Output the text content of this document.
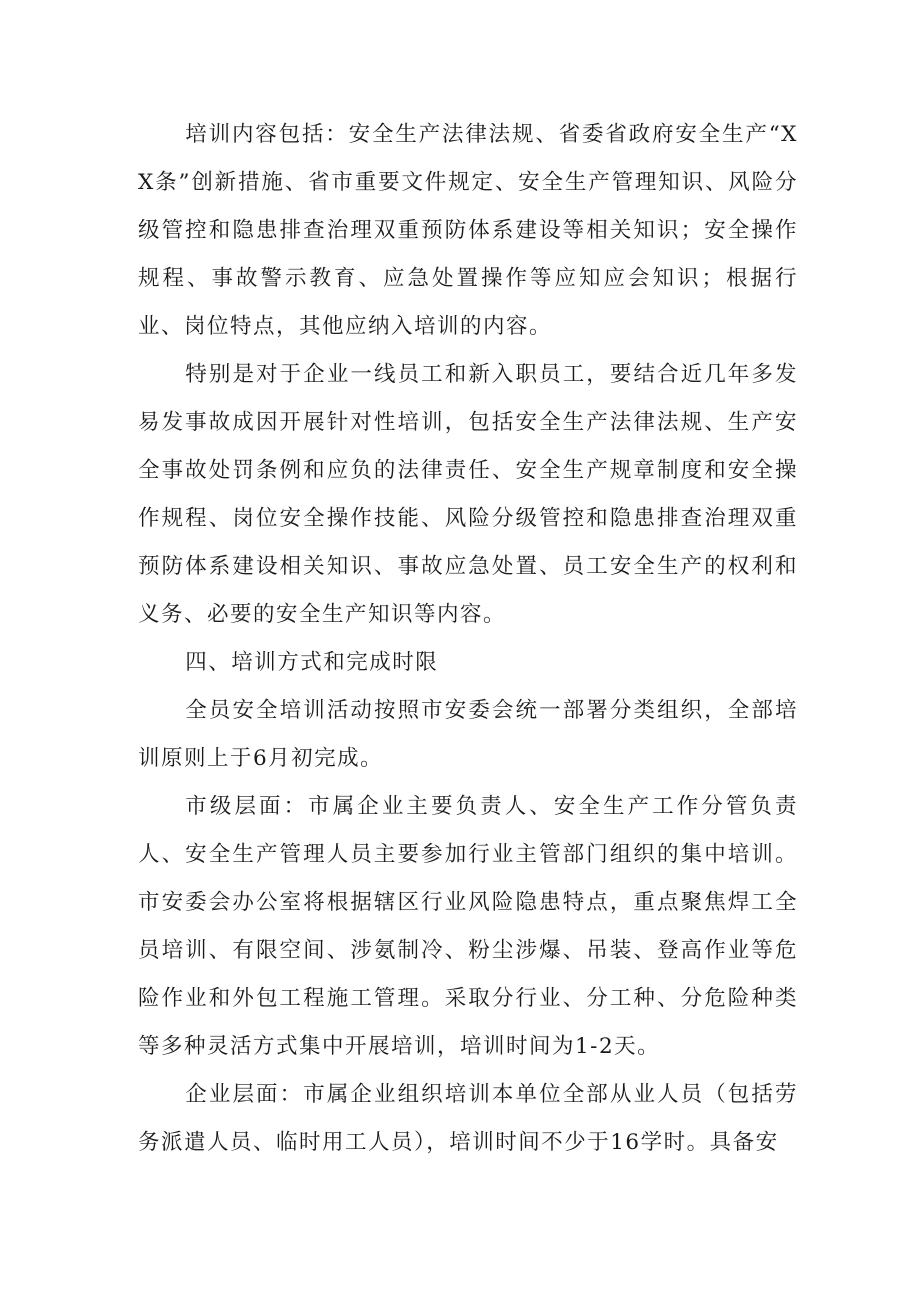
培训内容包括：安全生产法律法规、省委省政府安全生产“XX条”创新措施、省市重要文件规定、安全生产管理知识、风险分级管控和隐患排查治理双重预防体系建设等相关知识；安全操作规程、事故警示教育、应急处置操作等应知应会知识；根据行业、岗位特点，其他应纳入培训的内容。

特别是对于企业一线员工和新入职员工，要结合近几年多发易发事故成因开展针对性培训，包括安全生产法律法规、生产安全事故处罚条例和应负的法律责任、安全生产规章制度和安全操作规程、岗位安全操作技能、风险分级管控和隐患排查治理双重预防体系建设相关知识、事故应急处置、员工安全生产的权利和义务、必要的安全生产知识等内容。

四、培训方式和完成时限

全员安全培训活动按照市安委会统一部署分类组织，全部培训原则上于6月初完成。

市级层面：市属企业主要负责人、安全生产工作分管负责人、安全生产管理人员主要参加行业主管部门组织的集中培训。市安委会办公室将根据辖区行业风险隐患特点，重点聚焦焊工全员培训、有限空间、涉氨制冷、粉尘涉爆、吊装、登高作业等危险作业和外包工程施工管理。采取分行业、分工种、分危险种类等多种灵活方式集中开展培训，培训时间为1-2天。

企业层面：市属企业组织培训本单位全部从业人员（包括劳务派遣人员、临时用工人员），培训时间不少于16学时。具备安
